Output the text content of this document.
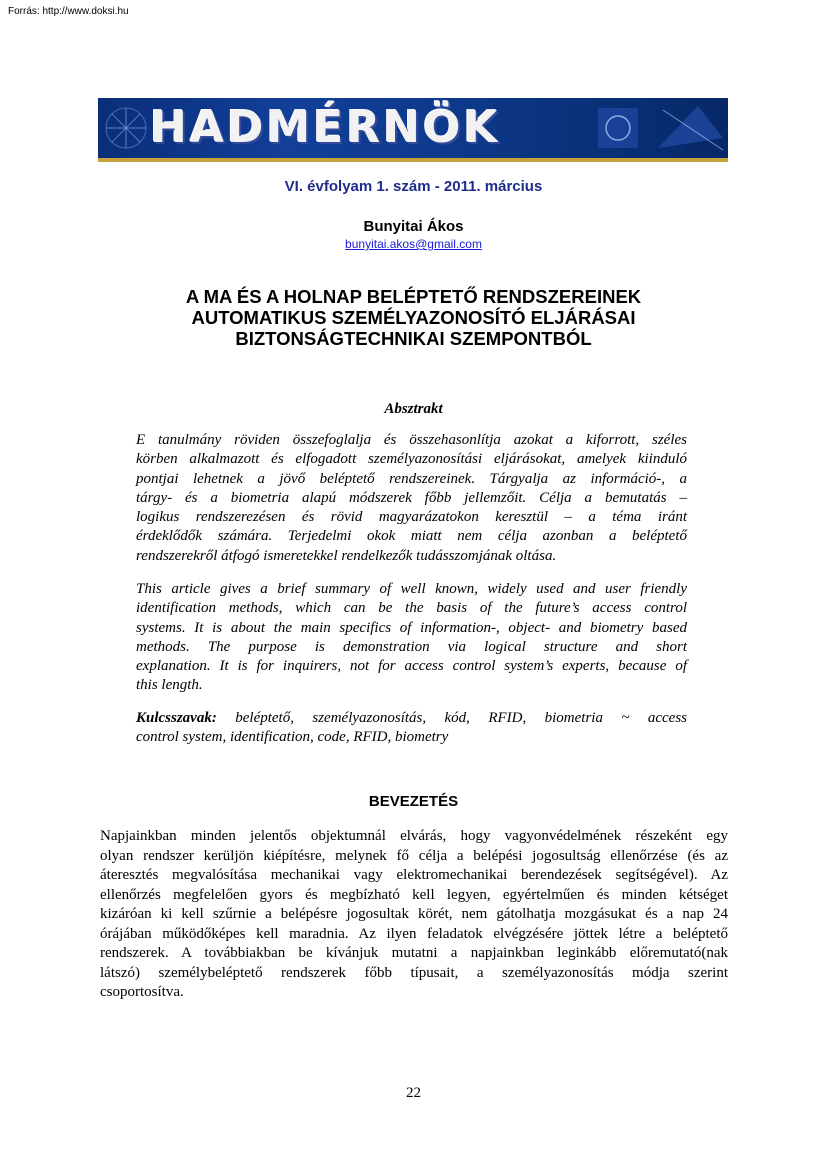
Forrás: http://www.doksi.hu
HADMÉRNÖK
VI. évfolyam 1. szám - 2011. március
Bunyitai Ákos
bunyitai.akos@gmail.com
A MA ÉS A HOLNAP BELÉPTETŐ RENDSZEREINEK
AUTOMATIKUS SZEMÉLYAZONOSÍTÓ ELJÁRÁSAI
BIZTONSÁGTECHNIKAI SZEMPONTBÓL
Absztrakt
E tanulmány röviden összefoglalja és összehasonlítja azokat a kiforrott, széles
körben alkalmazott és elfogadott személyazonosítási eljárásokat, amelyek kiinduló
pontjai lehetnek a jövő beléptető rendszereinek. Tárgyalja az információ-, a
tárgy- és a biometria alapú módszerek főbb jellemzőit. Célja a bemutatás –
logikus rendszerezésen és rövid magyarázatokon keresztül – a téma iránt
érdeklődők számára. Terjedelmi okok miatt nem célja azonban a beléptető
rendszerekről átfogó ismeretekkel rendelkezők tudásszomjának oltása.
This article gives a brief summary of well known, widely used and user friendly
identification methods, which can be the basis of the future’s access control
systems. It is about the main specifics of information-, object- and biometry based
methods. The purpose is demonstration via logical structure and short
explanation. It is for inquirers, not for access control system’s experts, because of
this length.
Kulcsszavak: beléptető, személyazonosítás, kód, RFID, biometria ~ access
control system, identification, code, RFID, biometry
BEVEZETÉS
Napjainkban minden jelentős objektumnál elvárás, hogy vagyonvédelmének részeként egy
olyan rendszer kerüljön kiépítésre, melynek fő célja a belépési jogosultság ellenőrzése (és az
áteresztés megvalósítása mechanikai vagy elektromechanikai berendezések segítségével). Az
ellenőrzés megfelelően gyors és megbízható kell legyen, egyértelműen és minden kétséget
kizáróan ki kell szűrnie a belépésre jogosultak körét, nem gátolhatja mozgásukat és a nap 24
órájában működőképes kell maradnia. Az ilyen feladatok elvégzésére jöttek létre a beléptető
rendszerek. A továbbiakban be kívánjuk mutatni a napjainkban leginkább előremutató(nak
látszó) személybeléptető rendszerek főbb típusait, a személyazonosítás módja szerint
csoportosítva.
22
